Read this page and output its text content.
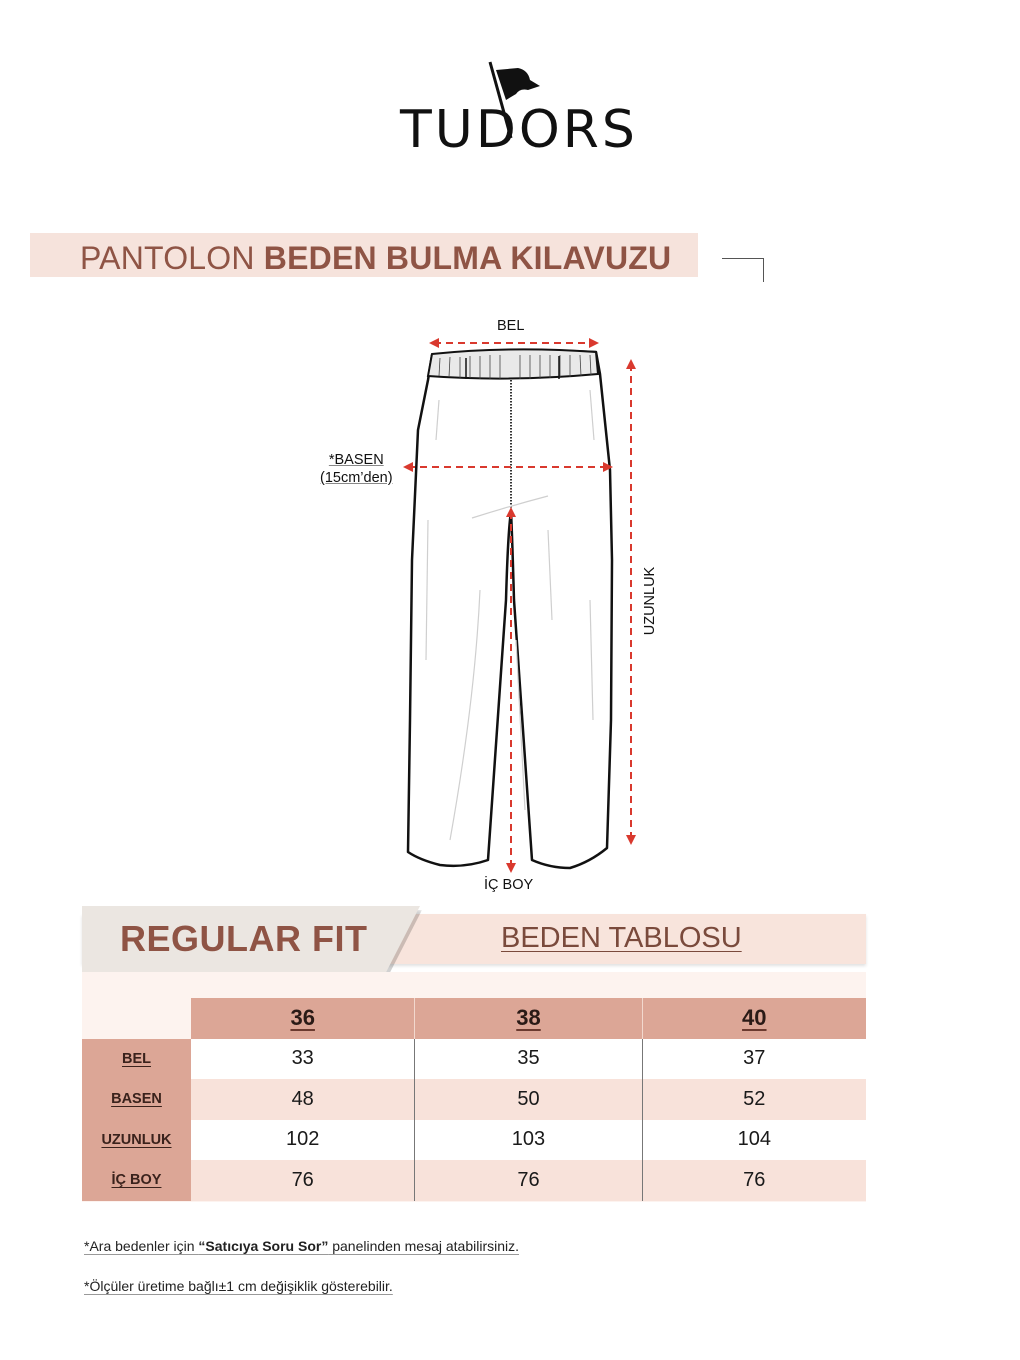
TUDORS
PANTOLON BEDEN BULMA KILAVUZU
BEL
*BASEN
(15cm’den)
UZUNLUK
İÇ BOY
REGULAR FIT	BEDEN TABLOSU
	36	38	40
BEL	33	35	37
BASEN	48	50	52
UZUNLUK	102	103	104
İÇ BOY	76	76	76
*Ara bedenler için “Satıcıya Soru Sor” panelinden mesaj atabilirsiniz.
*Ölçüler üretime bağlı±1 cm değişiklik gösterebilir.
